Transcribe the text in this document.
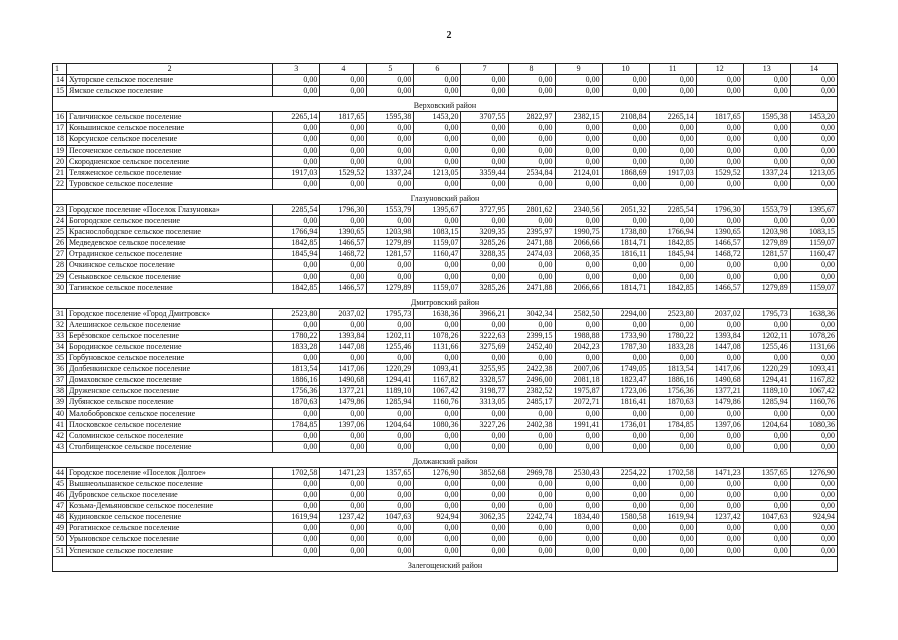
2
1	2	3	4	5	6	7	8	9	10	11	12	13	14
14	Хуторское сельское поселение	0,00	0,00	0,00	0,00	0,00	0,00	0,00	0,00	0,00	0,00	0,00	0,00
15	Ямское сельское поселение	0,00	0,00	0,00	0,00	0,00	0,00	0,00	0,00	0,00	0,00	0,00	0,00
Верховский район													
16	Галичинское сельское поселение	2265,14	1817,65	1595,38	1453,20	3707,55	2822,97	2382,15	2108,84	2265,14	1817,65	1595,38	1453,20
17	Коньшинское сельское поселение	0,00	0,00	0,00	0,00	0,00	0,00	0,00	0,00	0,00	0,00	0,00	0,00
18	Корсунское сельское поселение	0,00	0,00	0,00	0,00	0,00	0,00	0,00	0,00	0,00	0,00	0,00	0,00
19	Песоченское сельское поселение	0,00	0,00	0,00	0,00	0,00	0,00	0,00	0,00	0,00	0,00	0,00	0,00
20	Скородненское сельское поселение	0,00	0,00	0,00	0,00	0,00	0,00	0,00	0,00	0,00	0,00	0,00	0,00
21	Теляженское сельское поселение	1917,03	1529,52	1337,24	1213,05	3359,44	2534,84	2124,01	1868,69	1917,03	1529,52	1337,24	1213,05
22	Туровское сельское поселение	0,00	0,00	0,00	0,00	0,00	0,00	0,00	0,00	0,00	0,00	0,00	0,00
Глазуновский район													
23	Городское поселение «Поселок Глазуновка»	2285,54	1796,30	1553,79	1395,67	3727,95	2801,62	2340,56	2051,32	2285,54	1796,30	1553,79	1395,67
24	Богородское сельское поселение	0,00	0,00	0,00	0,00	0,00	0,00	0,00	0,00	0,00	0,00	0,00	0,00
25	Краснослободское сельское поселение	1766,94	1390,65	1203,98	1083,15	3209,35	2395,97	1990,75	1738,80	1766,94	1390,65	1203,98	1083,15
26	Медведевское сельское поселение	1842,85	1466,57	1279,89	1159,07	3285,26	2471,88	2066,66	1814,71	1842,85	1466,57	1279,89	1159,07
27	Отрадинское сельское поселение	1845,94	1468,72	1281,57	1160,47	3288,35	2474,03	2068,35	1816,11	1845,94	1468,72	1281,57	1160,47
28	Очкинское сельское поселение	0,00	0,00	0,00	0,00	0,00	0,00	0,00	0,00	0,00	0,00	0,00	0,00
29	Сеньковское сельское поселение	0,00	0,00	0,00	0,00	0,00	0,00	0,00	0,00	0,00	0,00	0,00	0,00
30	Тагинское сельское поселение	1842,85	1466,57	1279,89	1159,07	3285,26	2471,88	2066,66	1814,71	1842,85	1466,57	1279,89	1159,07
Дмитровский район													
31	Городское поселение «Город Дмитровск»	2523,80	2037,02	1795,73	1638,36	3966,21	3042,34	2582,50	2294,00	2523,80	2037,02	1795,73	1638,36
32	Алешинское сельское поселение	0,00	0,00	0,00	0,00	0,00	0,00	0,00	0,00	0,00	0,00	0,00	0,00
33	Берёзовское сельское поселение	1780,22	1393,84	1202,11	1078,26	3222,63	2399,15	1988,88	1733,90	1780,22	1393,84	1202,11	1078,26
34	Бородинское сельское поселение	1833,28	1447,08	1255,46	1131,66	3275,69	2452,40	2042,23	1787,30	1833,28	1447,08	1255,46	1131,66
35	Горбуновское сельское поселение	0,00	0,00	0,00	0,00	0,00	0,00	0,00	0,00	0,00	0,00	0,00	0,00
36	Долбенкинское сельское поселение	1813,54	1417,06	1220,29	1093,41	3255,95	2422,38	2007,06	1749,05	1813,54	1417,06	1220,29	1093,41
37	Домаховское сельское поселение	1886,16	1490,68	1294,41	1167,82	3328,57	2496,00	2081,18	1823,47	1886,16	1490,68	1294,41	1167,82
38	Друженское сельское поселение	1756,36	1377,21	1189,10	1067,42	3198,77	2382,52	1975,87	1723,06	1756,36	1377,21	1189,10	1067,42
39	Лубянское сельское поселение	1870,63	1479,86	1285,94	1160,76	3313,05	2485,17	2072,71	1816,41	1870,63	1479,86	1285,94	1160,76
40	Малобобровское сельское поселение	0,00	0,00	0,00	0,00	0,00	0,00	0,00	0,00	0,00	0,00	0,00	0,00
41	Плосковское сельское поселение	1784,85	1397,06	1204,64	1080,36	3227,26	2402,38	1991,41	1736,01	1784,85	1397,06	1204,64	1080,36
42	Соломинское сельское поселение	0,00	0,00	0,00	0,00	0,00	0,00	0,00	0,00	0,00	0,00	0,00	0,00
43	Столбищенское сельское поселение	0,00	0,00	0,00	0,00	0,00	0,00	0,00	0,00	0,00	0,00	0,00	0,00
Должанский район													
44	Городское поселение «Поселок Долгое»	1702,58	1471,23	1357,65	1276,90	3852,68	2969,78	2530,43	2254,22	1702,58	1471,23	1357,65	1276,90
45	Вышнеольшанское сельское поселение	0,00	0,00	0,00	0,00	0,00	0,00	0,00	0,00	0,00	0,00	0,00	0,00
46	Дубровское сельское поселение	0,00	0,00	0,00	0,00	0,00	0,00	0,00	0,00	0,00	0,00	0,00	0,00
47	Козьма-Демьяновское сельское поселение	0,00	0,00	0,00	0,00	0,00	0,00	0,00	0,00	0,00	0,00	0,00	0,00
48	Кудиновское сельское поселение	1619,94	1237,42	1047,63	924,94	3062,35	2242,74	1834,40	1580,58	1619,94	1237,42	1047,63	924,94
49	Рогатинское сельское поселение	0,00	0,00	0,00	0,00	0,00	0,00	0,00	0,00	0,00	0,00	0,00	0,00
50	Урыновское сельское поселение	0,00	0,00	0,00	0,00	0,00	0,00	0,00	0,00	0,00	0,00	0,00	0,00
51	Успенское сельское поселение	0,00	0,00	0,00	0,00	0,00	0,00	0,00	0,00	0,00	0,00	0,00	0,00
Залегощенский район													
